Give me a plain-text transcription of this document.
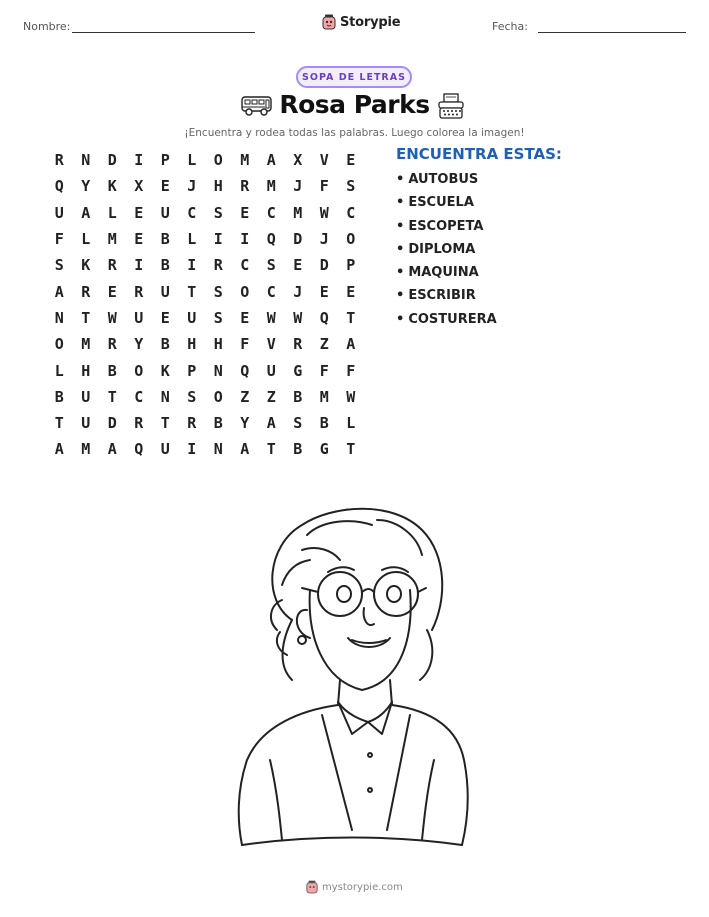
Nombre:	Storypie	Fecha:
SOPA DE LETRAS
Rosa Parks
¡Encuentra y rodea todas las palabras. Luego colorea la imagen!
R	N	D	I	P	L	O	M	A	X	V	E
Q	Y	K	X	E	J	H	R	M	J	F	S
U	A	L	E	U	C	S	E	C	M	W	C
F	L	M	E	B	L	I	I	Q	D	J	O
S	K	R	I	B	I	R	C	S	E	D	P
A	R	E	R	U	T	S	O	C	J	E	E
N	T	W	U	E	U	S	E	W	W	Q	T
O	M	R	Y	B	H	H	F	V	R	Z	A
L	H	B	O	K	P	N	Q	U	G	F	F
B	U	T	C	N	S	O	Z	Z	B	M	W
T	U	D	R	T	R	B	Y	A	S	B	L
A	M	A	Q	U	I	N	A	T	B	G	T
ENCUENTRA ESTAS:
• AUTOBUS
• ESCUELA
• ESCOPETA
• DIPLOMA
• MAQUINA
• ESCRIBIR
• COSTURERA
mystorypie.com
